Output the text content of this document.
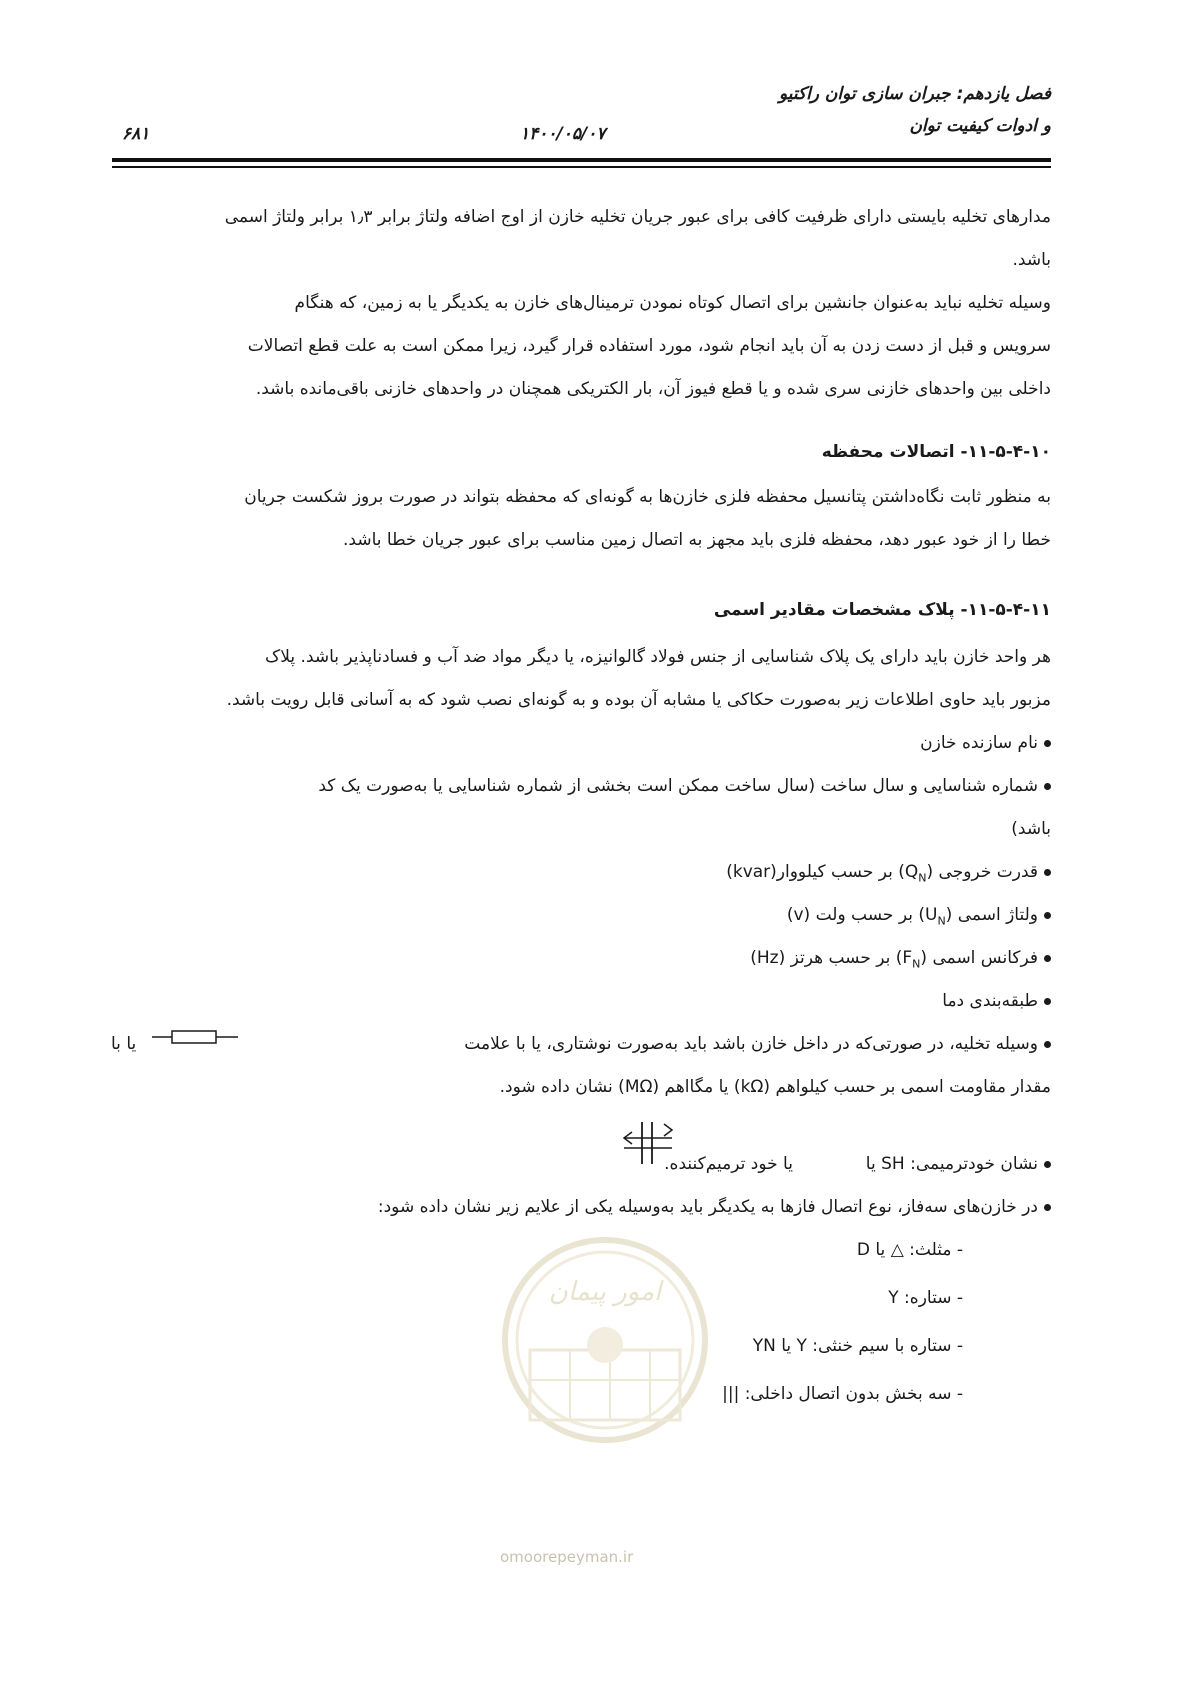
فصل یازدهم: جبران سازی توان راکتیو
و ادوات کیفیت توان
۱۴۰۰/۰۵/۰۷
۶۸۱
مدارهای تخلیه بایستی دارای ظرفیت کافی برای عبور جریان تخلیه خازن از اوج اضافه ولتاژ برابر ۱٫۳ برابر ولتاژ اسمی
باشد.
وسیله تخلیه نباید به‌عنوان جانشین برای اتصال کوتاه نمودن ترمینال‌های خازن به یکدیگر یا به زمین، که هنگام
سرویس و قبل از دست زدن به آن باید انجام شود، مورد استفاده قرار گیرد، زیرا ممکن است به علت قطع اتصالات
داخلی بین واحدهای خازنی سری شده و یا قطع فیوز آن، بار الکتریکی همچنان در واحدهای خازنی باقی‌مانده باشد.
۱۱-۵-۴-۱۰- اتصالات محفظه
به منظور ثابت نگاه‌داشتن پتانسیل محفظه فلزی خازن‌ها به گونه‌ای که محفظه بتواند در صورت بروز شکست جریان
خطا را از خود عبور دهد، محفظه فلزی باید مجهز به اتصال زمین مناسب برای عبور جریان خطا باشد.
۱۱-۵-۴-۱۱- پلاک مشخصات مقادیر اسمی
هر واحد خازن باید دارای یک پلاک شناسایی از جنس فولاد گالوانیزه، یا دیگر مواد ضد آب و فسادناپذیر باشد. پلاک
مزبور باید حاوی اطلاعات زیر به‌صورت حکاکی یا مشابه آن بوده و به گونه‌ای نصب شود که به آسانی قابل رویت باشد.
نام سازنده خازن
شماره شناسایی و سال ساخت (سال ساخت ممکن است بخشی از شماره شناسایی یا به‌صورت یک کد
باشد)
قدرت خروجی $(Q_N)$ بر حسب کیلووار(kvar)
ولتاژ اسمی $(U_N)$ بر حسب ولت (v)
فرکانس اسمی $(F_N)$ بر حسب هرتز (Hz)
طبقه‌بندی دما
وسیله تخلیه، در صورتی‌که در داخل خازن باشد باید به‌صورت نوشتاری، یا با علامت
یا با
مقدار مقاومت اسمی بر حسب کیلواهم (kΩ) یا مگااهم (MΩ) نشان داده شود.
نشان خودترمیمی: SH یا  یا خود ترمیم‌کننده.
در خازن‌های سه‌فاز، نوع اتصال فازها به یکدیگر باید به‌وسیله یکی از علایم زیر نشان داده شود:
- مثلث: △ یا D
- ستاره: Y
- ستاره با سیم خنثی: Y یا YN
- سه بخش بدون اتصال داخلی: |||
امور پیمان
omoorepeyman.ir
